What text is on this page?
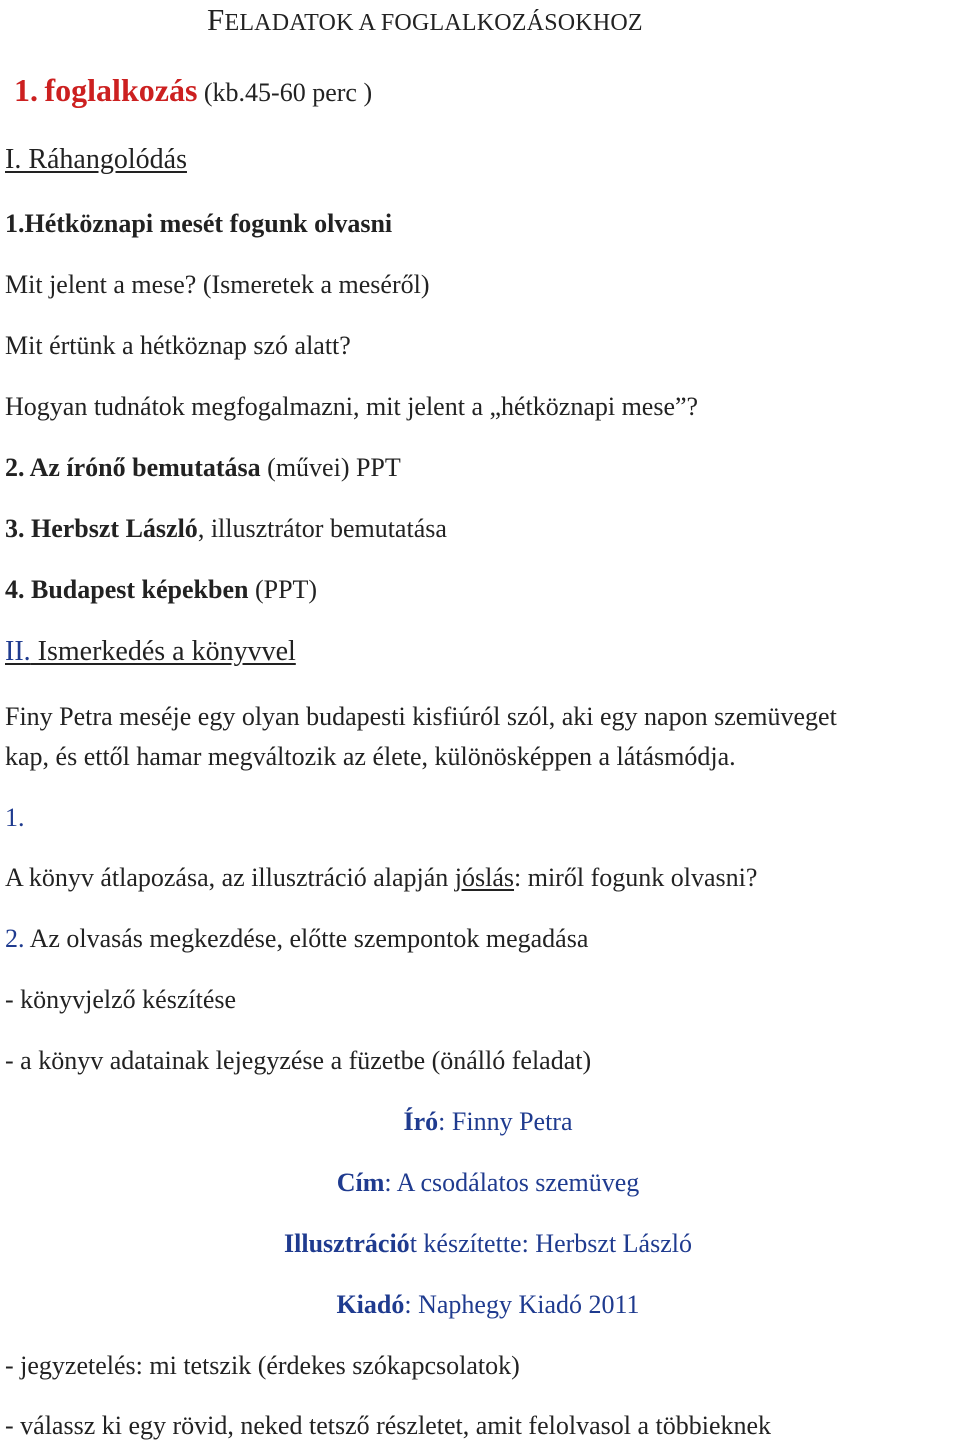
FELADATOK A FOGLALKOZÁSOKHOZ
1. foglalkozás (kb.45-60 perc )
I. Ráhangolódás
1.Hétköznapi mesét fogunk olvasni
Mit jelent a mese? (Ismeretek a meséről)
Mit értünk a hétköznap szó alatt?
Hogyan tudnátok megfogalmazni, mit jelent a „hétköznapi mese”?
2. Az írónő bemutatása (művei) PPT
3. Herbszt László, illusztrátor bemutatása
4. Budapest képekben (PPT)
II. Ismerkedés a könyvvel
Finy Petra meséje egy olyan budapesti kisfiúról szól, aki egy napon szemüveget
kap, és ettől hamar megváltozik az élete, különösképpen a látásmódja.
1.
A könyv átlapozása, az illusztráció alapján jóslás: miről fogunk olvasni?
2. Az olvasás megkezdése, előtte szempontok megadása
- könyvjelző készítése
- a könyv adatainak lejegyzése a füzetbe (önálló feladat)
Író: Finny Petra
Cím: A csodálatos szemüveg
Illusztrációt készítette: Herbszt László
Kiadó: Naphegy Kiadó 2011
- jegyzetelés: mi tetszik (érdekes szókapcsolatok)
- válassz ki egy rövid, neked tetsző részletet, amit felolvasol a többieknek
